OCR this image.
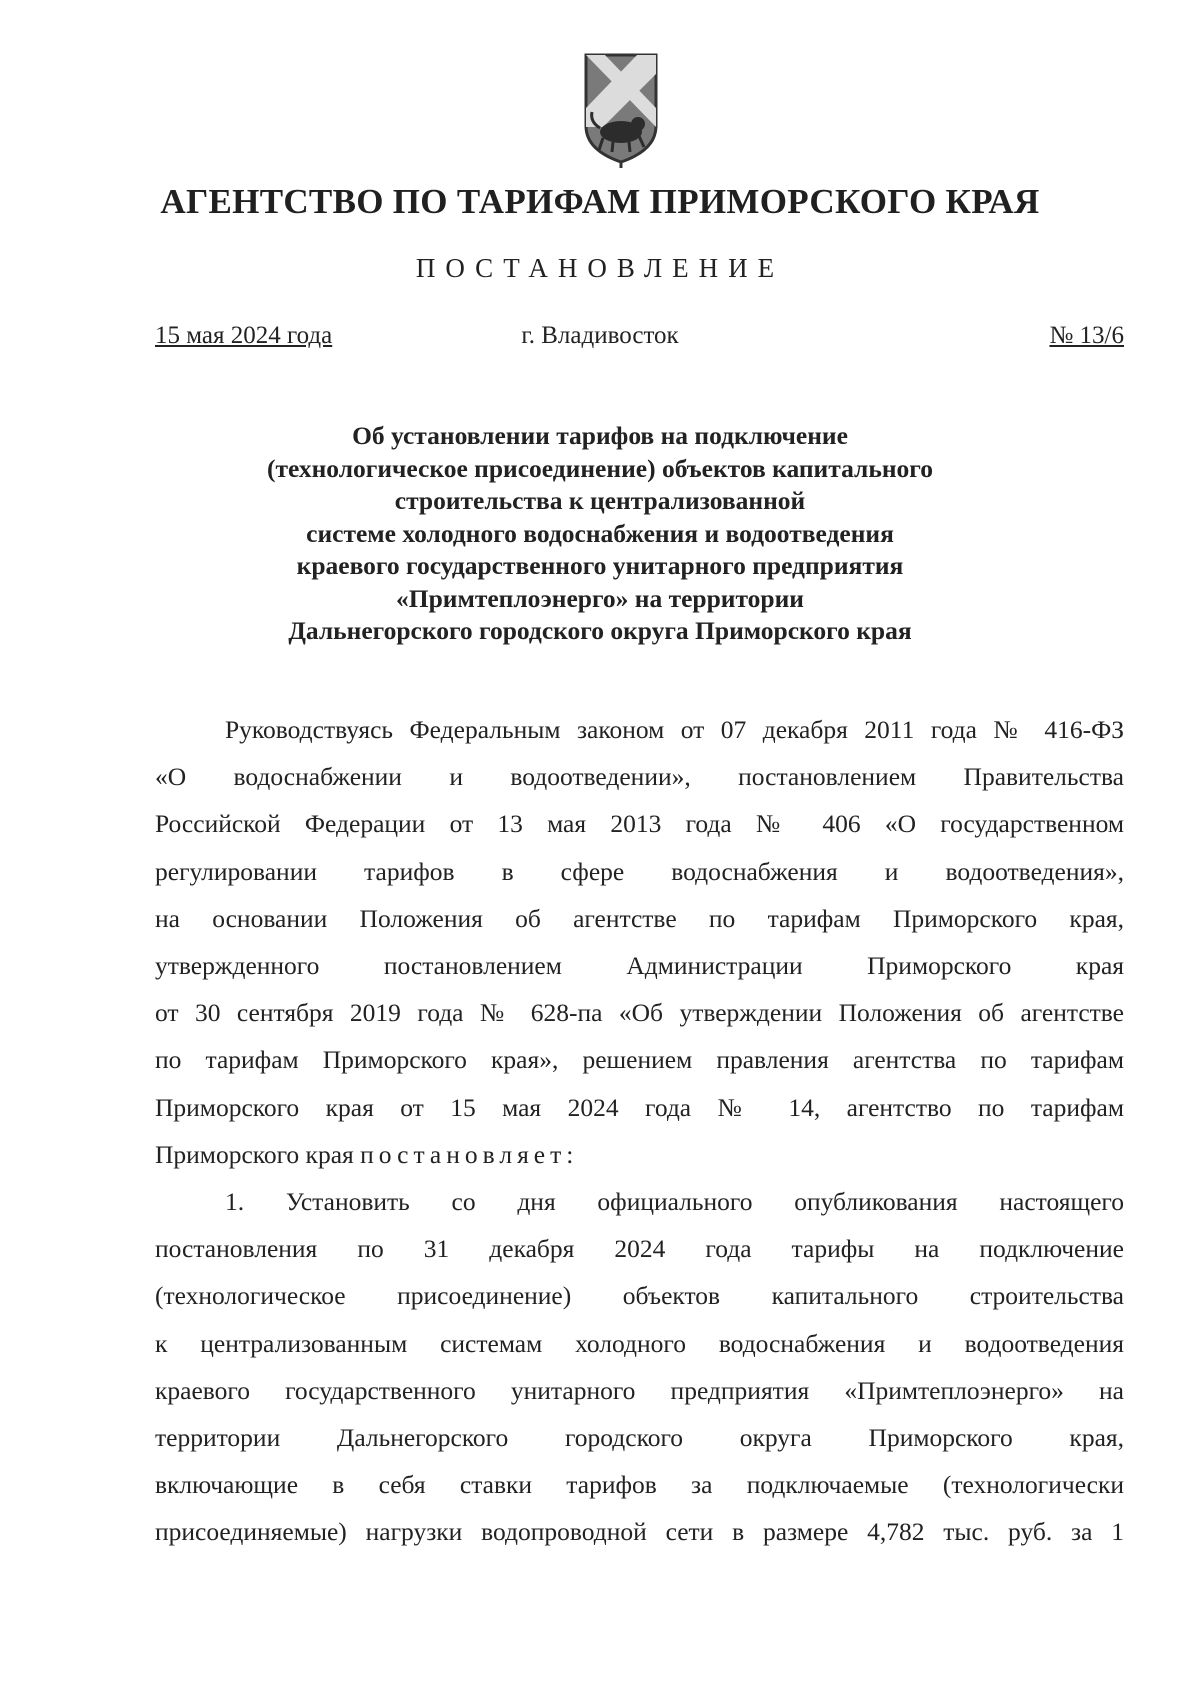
АГЕНТСТВО ПО ТАРИФАМ ПРИМОРСКОГО КРАЯ
ПОСТАНОВЛЕНИЕ
15 мая 2024 года	г. Владивосток	№ 13/6
Об установлении тарифов на подключение
(технологическое присоединение) объектов капитального
строительства к централизованной
системе холодного водоснабжения и водоотведения
краевого государственного унитарного предприятия
«Примтеплоэнерго» на территории
Дальнегорского городского округа Приморского края
Руководствуясь Федеральным законом от 07 декабря 2011 года № 416-ФЗ
«О водоснабжении и водоотведении», постановлением Правительства
Российской Федерации от 13 мая 2013 года № 406 «О государственном
регулировании тарифов в сфере водоснабжения и водоотведения»,
на основании Положения об агентстве по тарифам Приморского края,
утвержденного постановлением Администрации Приморского края
от 30 сентября 2019 года № 628-па «Об утверждении Положения об агентстве
по тарифам Приморского края», решением правления агентства по тарифам
Приморского края от 15 мая 2024 года № 14, агентство по тарифам
Приморского края постановляет:
1. Установить со дня официального опубликования настоящего
постановления по 31 декабря 2024 года тарифы на подключение
(технологическое присоединение) объектов капитального строительства
к централизованным системам холодного водоснабжения и водоотведения
краевого государственного унитарного предприятия «Примтеплоэнерго» на
территории Дальнегорского городского округа Приморского края,
включающие в себя ставки тарифов за подключаемые (технологически
присоединяемые) нагрузки водопроводной сети в размере 4,782 тыс. руб. за 1
